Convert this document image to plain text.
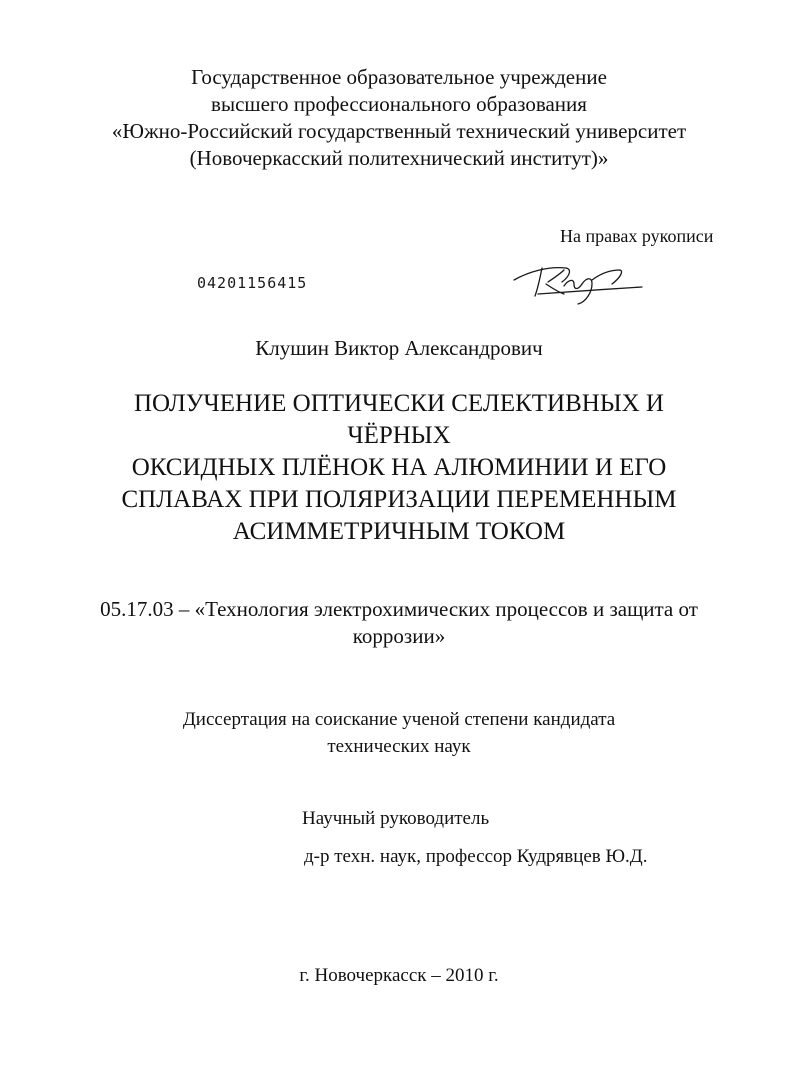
Государственное образовательное учреждение
высшего профессионального образования
«Южно-Российский государственный технический университет
(Новочеркасский политехнический институт)»
На правах рукописи
04201156415
Клушин Виктор Александрович
ПОЛУЧЕНИЕ ОПТИЧЕСКИ СЕЛЕКТИВНЫХ И ЧЁРНЫХ
ОКСИДНЫХ ПЛЁНОК НА АЛЮМИНИИ И ЕГО
СПЛАВАХ ПРИ ПОЛЯРИЗАЦИИ ПЕРЕМЕННЫМ
АСИММЕТРИЧНЫМ ТОКОМ
05.17.03 – «Технология электрохимических процессов и защита от
коррозии»
Диссертация на соискание ученой степени кандидата
технических наук
Научный руководитель
д-р техн. наук, профессор Кудрявцев Ю.Д.
г. Новочеркасск – 2010 г.
